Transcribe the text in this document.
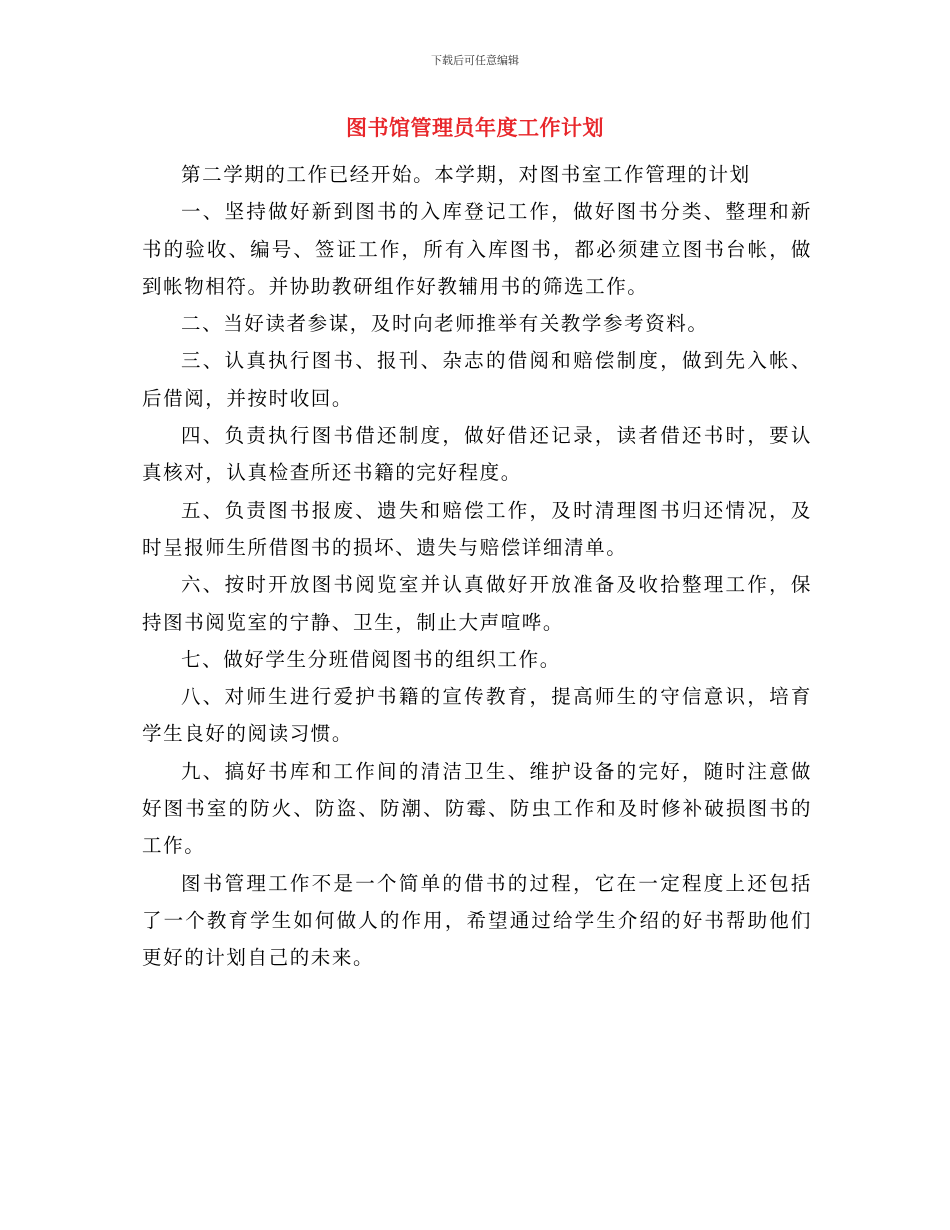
下载后可任意编辑
图书馆管理员年度工作计划

第二学期的工作已经开始。本学期，对图书室工作管理的计划

一、坚持做好新到图书的入库登记工作，做好图书分类、整理和新书的验收、编号、签证工作，所有入库图书，都必须建立图书台帐，做到帐物相符。并协助教研组作好教辅用书的筛选工作。

二、当好读者参谋，及时向老师推举有关教学参考资料。

三、认真执行图书、报刊、杂志的借阅和赔偿制度，做到先入帐、后借阅，并按时收回。

四、负责执行图书借还制度，做好借还记录，读者借还书时，要认真核对，认真检查所还书籍的完好程度。

五、负责图书报废、遗失和赔偿工作，及时清理图书归还情况，及时呈报师生所借图书的损坏、遗失与赔偿详细清单。

六、按时开放图书阅览室并认真做好开放准备及收拾整理工作，保持图书阅览室的宁静、卫生，制止大声喧哗。

七、做好学生分班借阅图书的组织工作。

八、对师生进行爱护书籍的宣传教育，提高师生的守信意识，培育学生良好的阅读习惯。

九、搞好书库和工作间的清洁卫生、维护设备的完好，随时注意做好图书室的防火、防盗、防潮、防霉、防虫工作和及时修补破损图书的工作。

图书管理工作不是一个简单的借书的过程，它在一定程度上还包括了一个教育学生如何做人的作用，希望通过给学生介绍的好书帮助他们更好的计划自己的未来。
